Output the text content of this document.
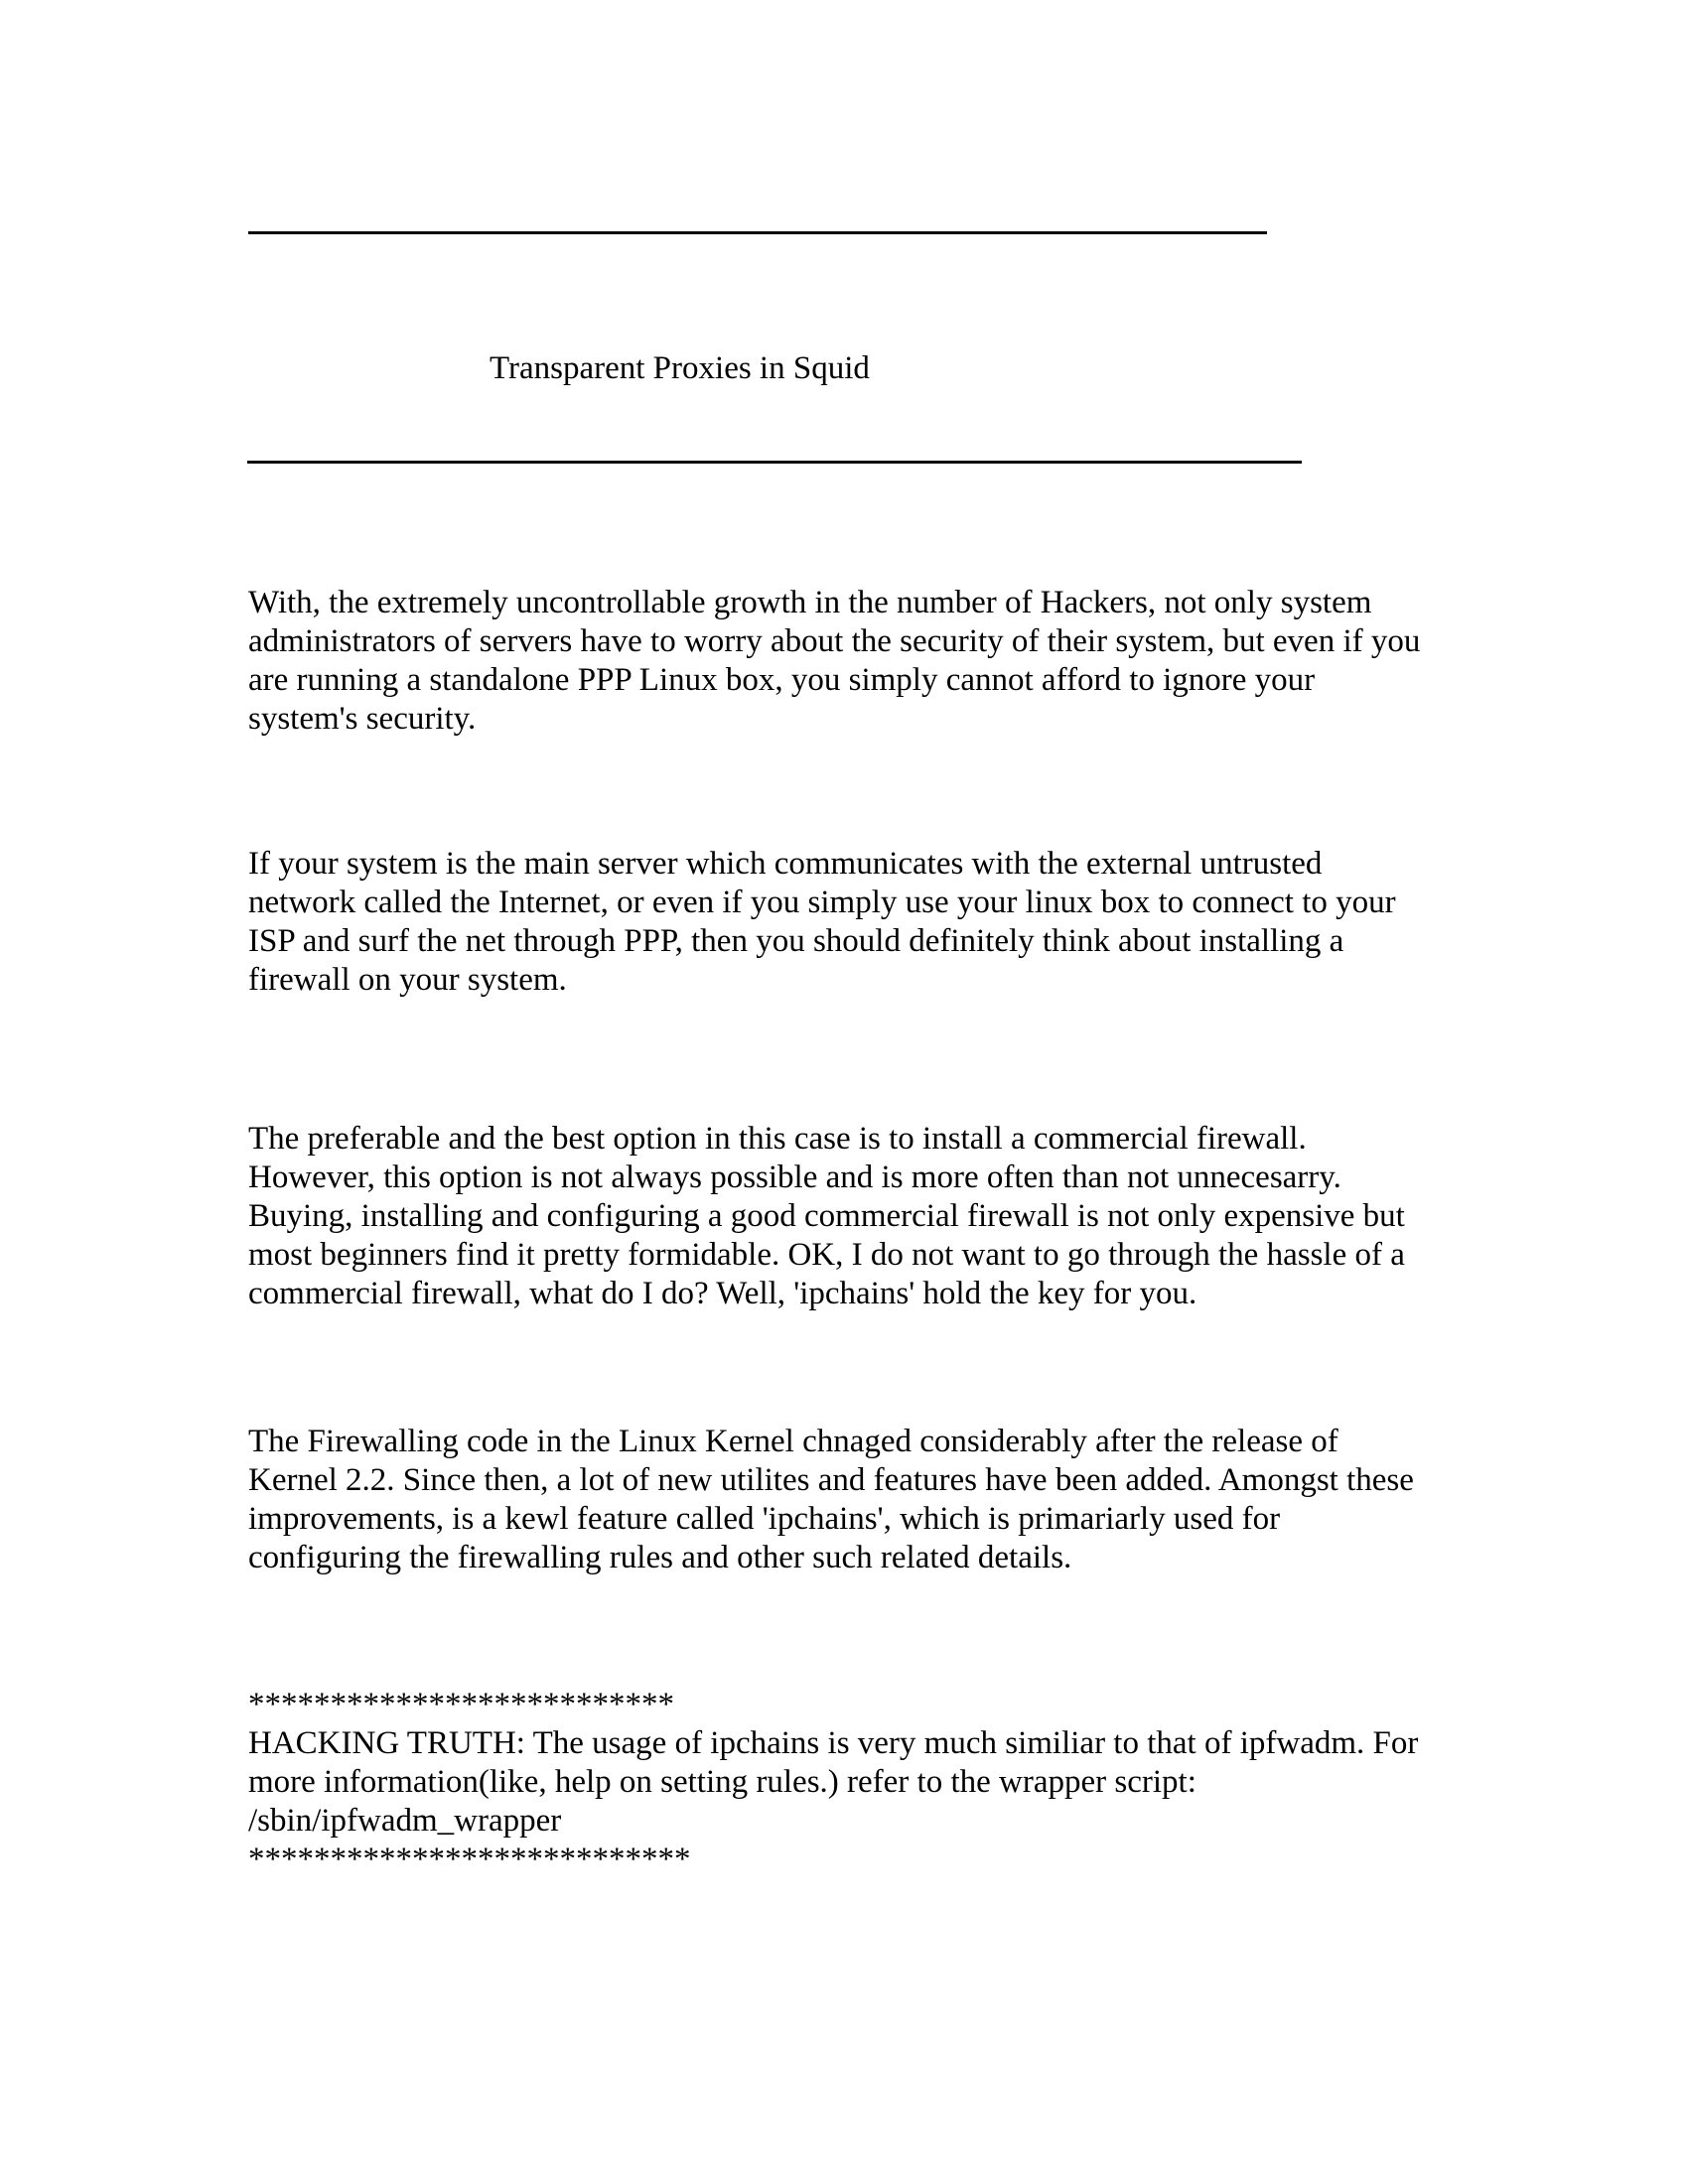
Transparent Proxies in Squid

With, the extremely uncontrollable growth in the number of Hackers, not only system
administrators of servers have to worry about the security of their system, but even if you
are running a standalone PPP Linux box, you simply cannot afford to ignore your
system's security.

If your system is the main server which communicates with the external untrusted
network called the Internet, or even if you simply use your linux box to connect to your
ISP and surf the net through PPP, then you should definitely think about installing a
firewall on your system.

The preferable and the best option in this case is to install a commercial firewall.
However, this option is not always possible and is more often than not unnecesarry.
Buying, installing and configuring a good commercial firewall is not only expensive but
most beginners find it pretty formidable. OK, I do not want to go through the hassle of a
commercial firewall, what do I do? Well, 'ipchains' hold the key for you.

The Firewalling code in the Linux Kernel chnaged considerably after the release of
Kernel 2.2. Since then, a lot of new utilites and features have been added. Amongst these
improvements, is a kewl feature called 'ipchains', which is primariarly used for
configuring the firewalling rules and other such related details.

**************************

HACKING TRUTH: The usage of ipchains is very much similiar to that of ipfwadm. For
more information(like, help on setting rules.) refer to the wrapper script:
/sbin/ipfwadm_wrapper

***************************
